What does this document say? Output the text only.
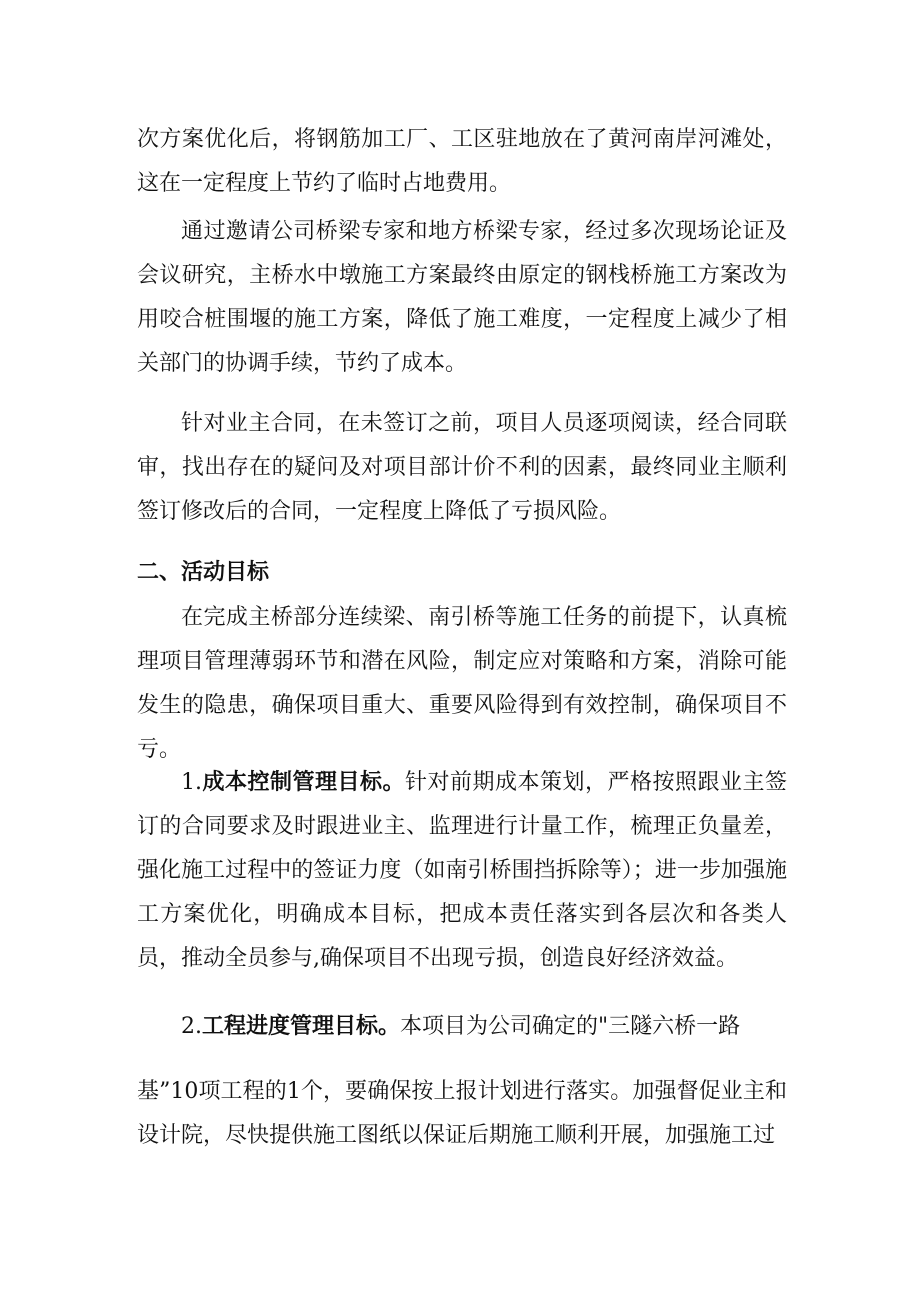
次方案优化后，将钢筋加工厂、工区驻地放在了黄河南岸河滩处，这在一定程度上节约了临时占地费用。

通过邀请公司桥梁专家和地方桥梁专家，经过多次现场论证及会议研究，主桥水中墩施工方案最终由原定的钢栈桥施工方案改为用咬合桩围堰的施工方案，降低了施工难度，一定程度上减少了相关部门的协调手续，节约了成本。

针对业主合同，在未签订之前，项目人员逐项阅读，经合同联审，找出存在的疑问及对项目部计价不利的因素，最终同业主顺利签订修改后的合同，一定程度上降低了亏损风险。

二、活动目标

在完成主桥部分连续梁、南引桥等施工任务的前提下，认真梳理项目管理薄弱环节和潜在风险，制定应对策略和方案，消除可能发生的隐患，确保项目重大、重要风险得到有效控制，确保项目不亏。

1.成本控制管理目标。针对前期成本策划，严格按照跟业主签订的合同要求及时跟进业主、监理进行计量工作，梳理正负量差，强化施工过程中的签证力度（如南引桥围挡拆除等）；进一步加强施工方案优化，明确成本目标，把成本责任落实到各层次和各类人员，推动全员参与,确保项目不出现亏损，创造良好经济效益。

2.工程进度管理目标。本项目为公司确定的"三隧六桥一路

基”10项工程的1个，要确保按上报计划进行落实。加强督促业主和设计院，尽快提供施工图纸以保证后期施工顺利开展，加强施工过
